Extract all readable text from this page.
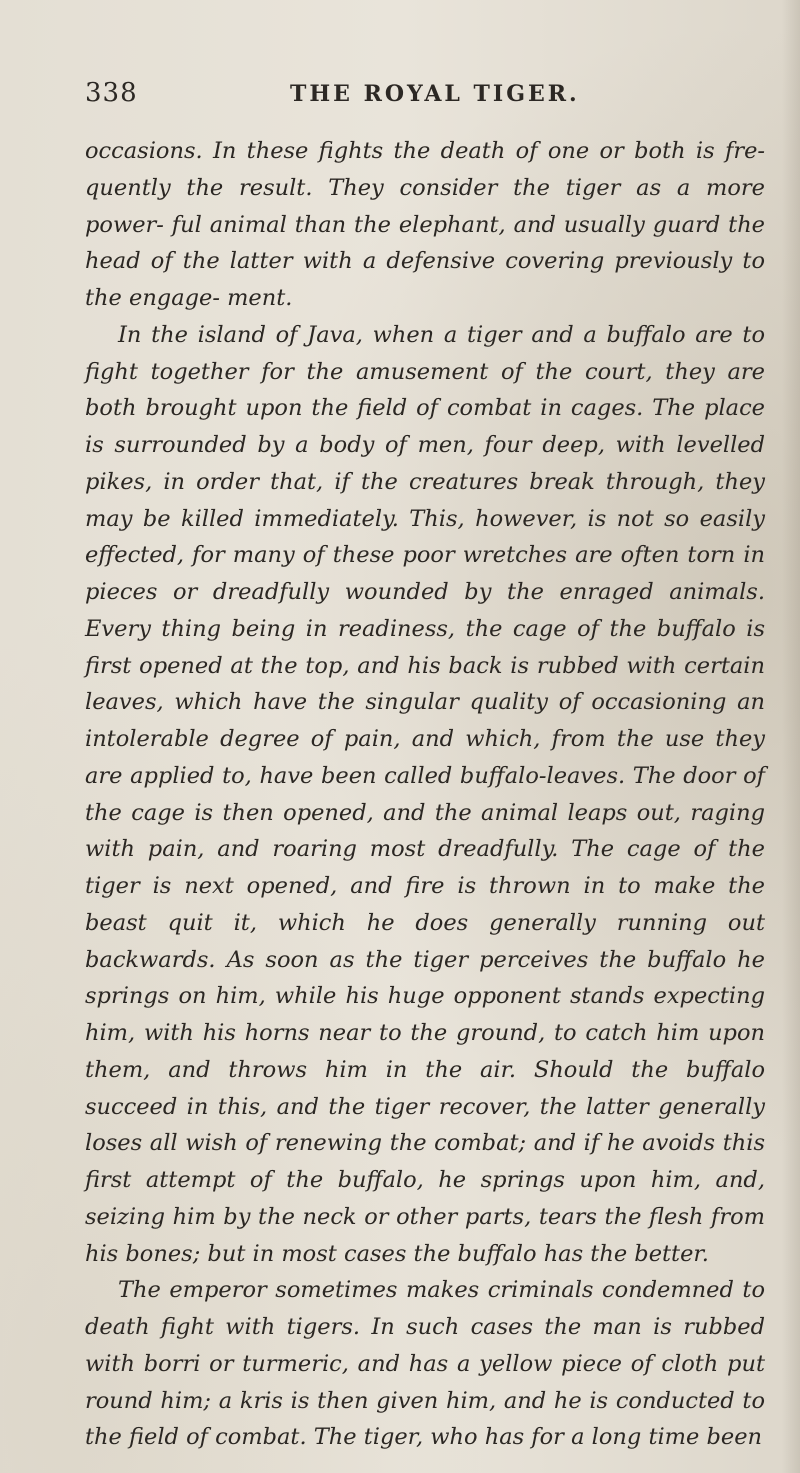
338	THE ROYAL TIGER.

occasions. In these fights the death of one or both is fre- quently the result. They consider the tiger as a more power- ful animal than the elephant, and usually guard the head of the latter with a defensive covering previously to the engage- ment.

In the island of Java, when a tiger and a buffalo are to fight together for the amusement of the court, they are both brought upon the field of combat in cages. The place is surrounded by a body of men, four deep, with levelled pikes, in order that, if the creatures break through, they may be killed immediately. This, however, is not so easily effected, for many of these poor wretches are often torn in pieces or dreadfully wounded by the enraged animals. Every thing being in readiness, the cage of the buffalo is first opened at the top, and his back is rubbed with certain leaves, which have the singular quality of occasioning an intolerable degree of pain, and which, from the use they are applied to, have been called buffalo-leaves. The door of the cage is then opened, and the animal leaps out, raging with pain, and roaring most dreadfully. The cage of the tiger is next opened, and fire is thrown in to make the beast quit it, which he does generally running out backwards. As soon as the tiger perceives the buffalo he springs on him, while his huge opponent stands expecting him, with his horns near to the ground, to catch him upon them, and throws him in the air. Should the buffalo succeed in this, and the tiger recover, the latter generally loses all wish of renewing the combat; and if he avoids this first attempt of the buffalo, he springs upon him, and, seizing him by the neck or other parts, tears the flesh from his bones; but in most cases the buffalo has the better.

The emperor sometimes makes criminals condemned to death fight with tigers. In such cases the man is rubbed with borri or turmeric, and has a yellow piece of cloth put round him; a kris is then given him, and he is conducted to the field of combat. The tiger, who has for a long time been
